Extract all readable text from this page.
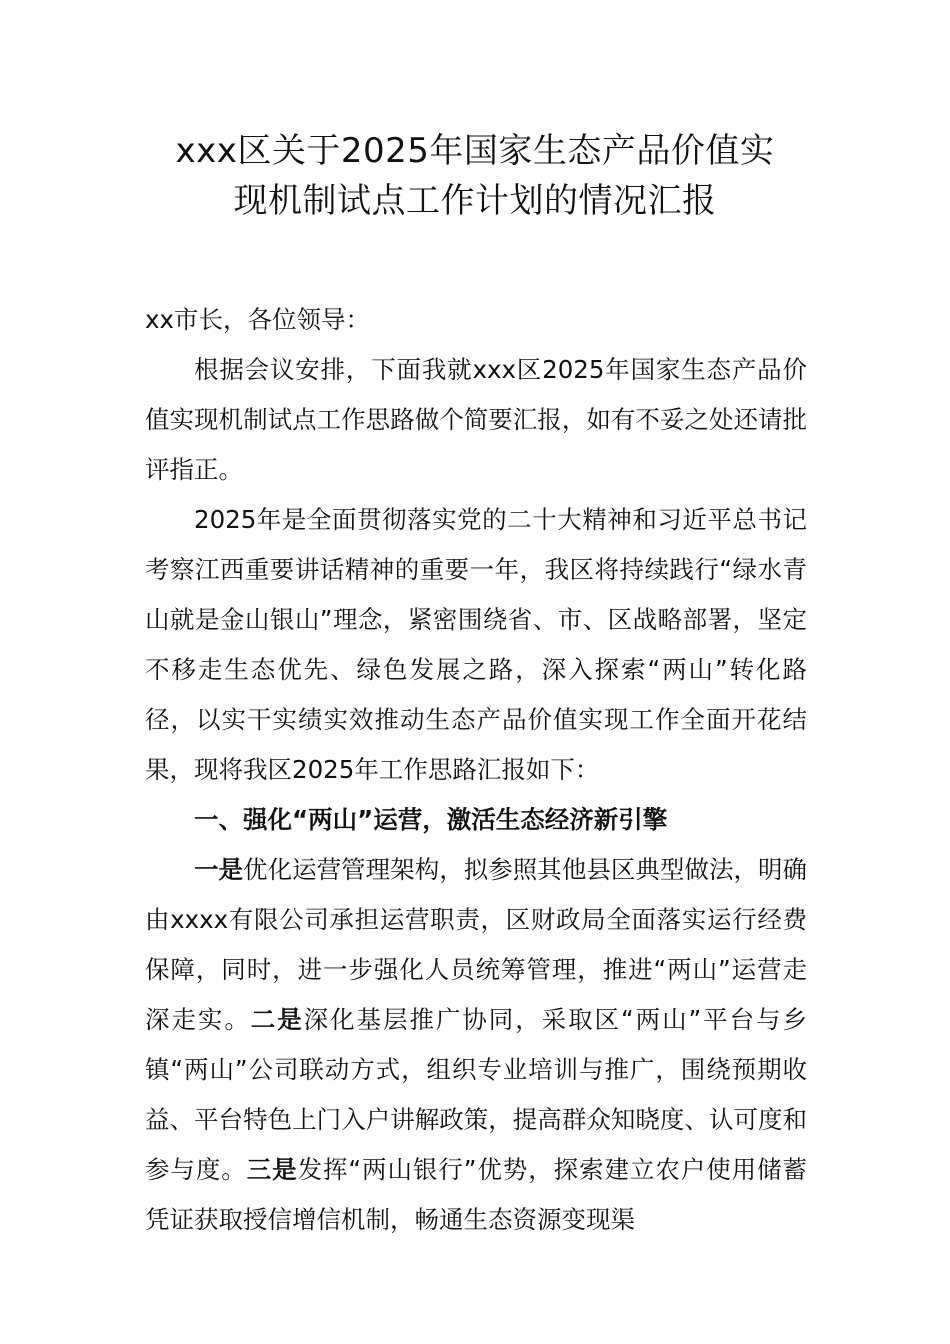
xxx区关于2025年国家生态产品价值实
现机制试点工作计划的情况汇报

xx市长，各位领导：

根据会议安排，下面我就xxx区2025年国家生态产品价值实现机制试点工作思路做个简要汇报，如有不妥之处还请批评指正。

2025年是全面贯彻落实党的二十大精神和习近平总书记考察江西重要讲话精神的重要一年，我区将持续践行“绿水青山就是金山银山”理念，紧密围绕省、市、区战略部署，坚定不移走生态优先、绿色发展之路，深入探索“两山”转化路径，以实干实绩实效推动生态产品价值实现工作全面开花结果，现将我区2025年工作思路汇报如下：

一、强化“两山”运营，激活生态经济新引擎

一是优化运营管理架构，拟参照其他县区典型做法，明确由xxxx有限公司承担运营职责，区财政局全面落实运行经费保障，同时，进一步强化人员统筹管理，推进“两山”运营走深走实。二是深化基层推广协同，采取区“两山”平台与乡镇“两山”公司联动方式，组织专业培训与推广，围绕预期收益、平台特色上门入户讲解政策，提高群众知晓度、认可度和参与度。三是发挥“两山银行”优势，探索建立农户使用储蓄凭证获取授信增信机制，畅通生态资源变现渠
